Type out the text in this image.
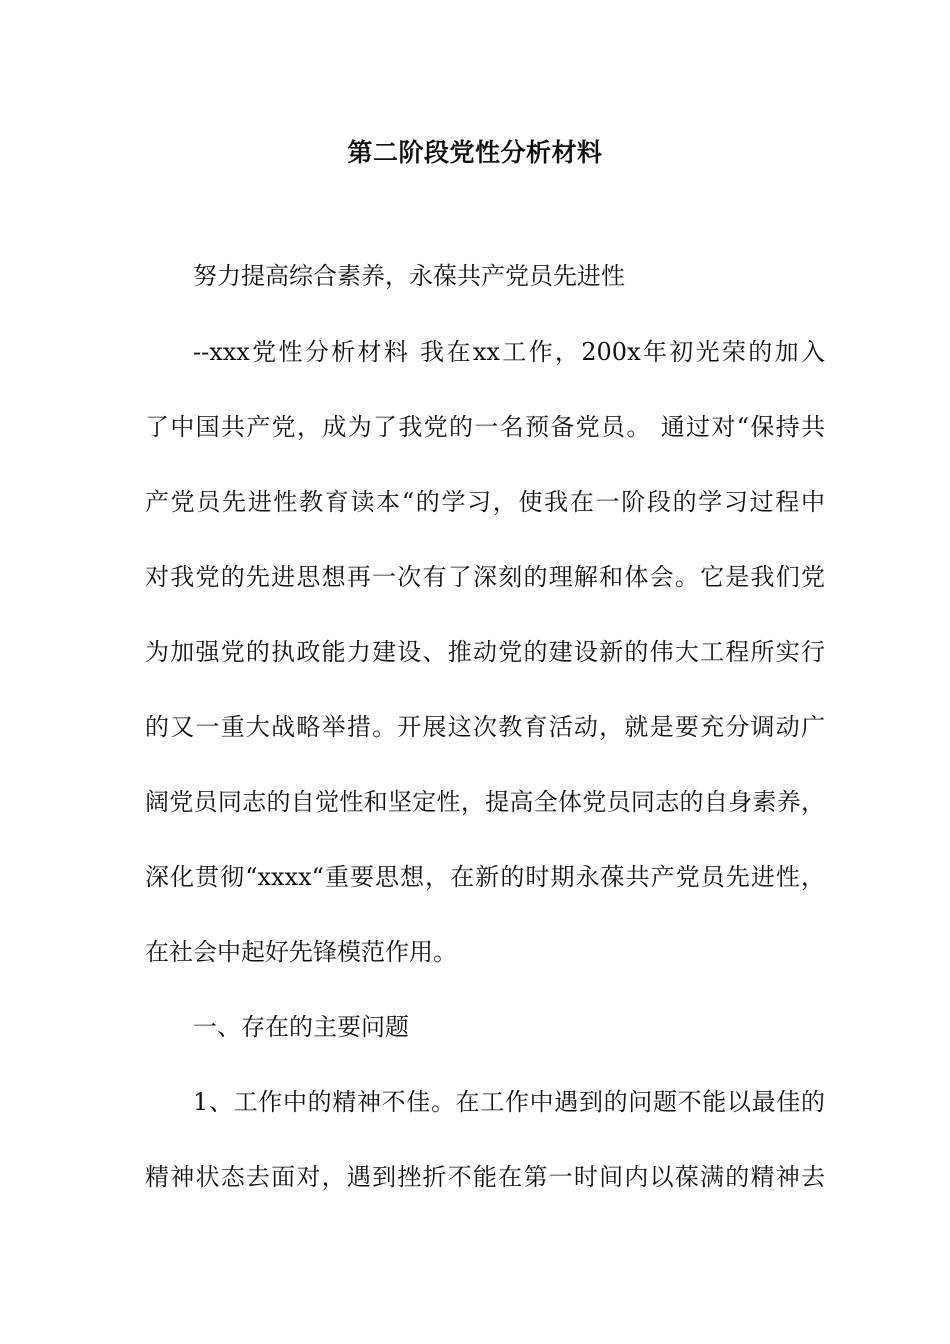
第二阶段党性分析材料
努力提高综合素养，永葆共产党员先进性
--xxx党性分析材料 我在xx工作，200x年初光荣的加入
了中国共产党，成为了我党的一名预备党员。 通过对“保持共
产党员先进性教育读本“的学习，使我在一阶段的学习过程中
对我党的先进思想再一次有了深刻的理解和体会。它是我们党
为加强党的执政能力建设、推动党的建设新的伟大工程所实行
的又一重大战略举措。开展这次教育活动，就是要充分调动广
阔党员同志的自觉性和坚定性，提高全体党员同志的自身素养，
深化贯彻“xxxx“重要思想，在新的时期永葆共产党员先进性，
在社会中起好先锋模范作用。
一、存在的主要问题
1、工作中的精神不佳。在工作中遇到的问题不能以最佳的
精神状态去面对，遇到挫折不能在第一时间内以葆满的精神去
